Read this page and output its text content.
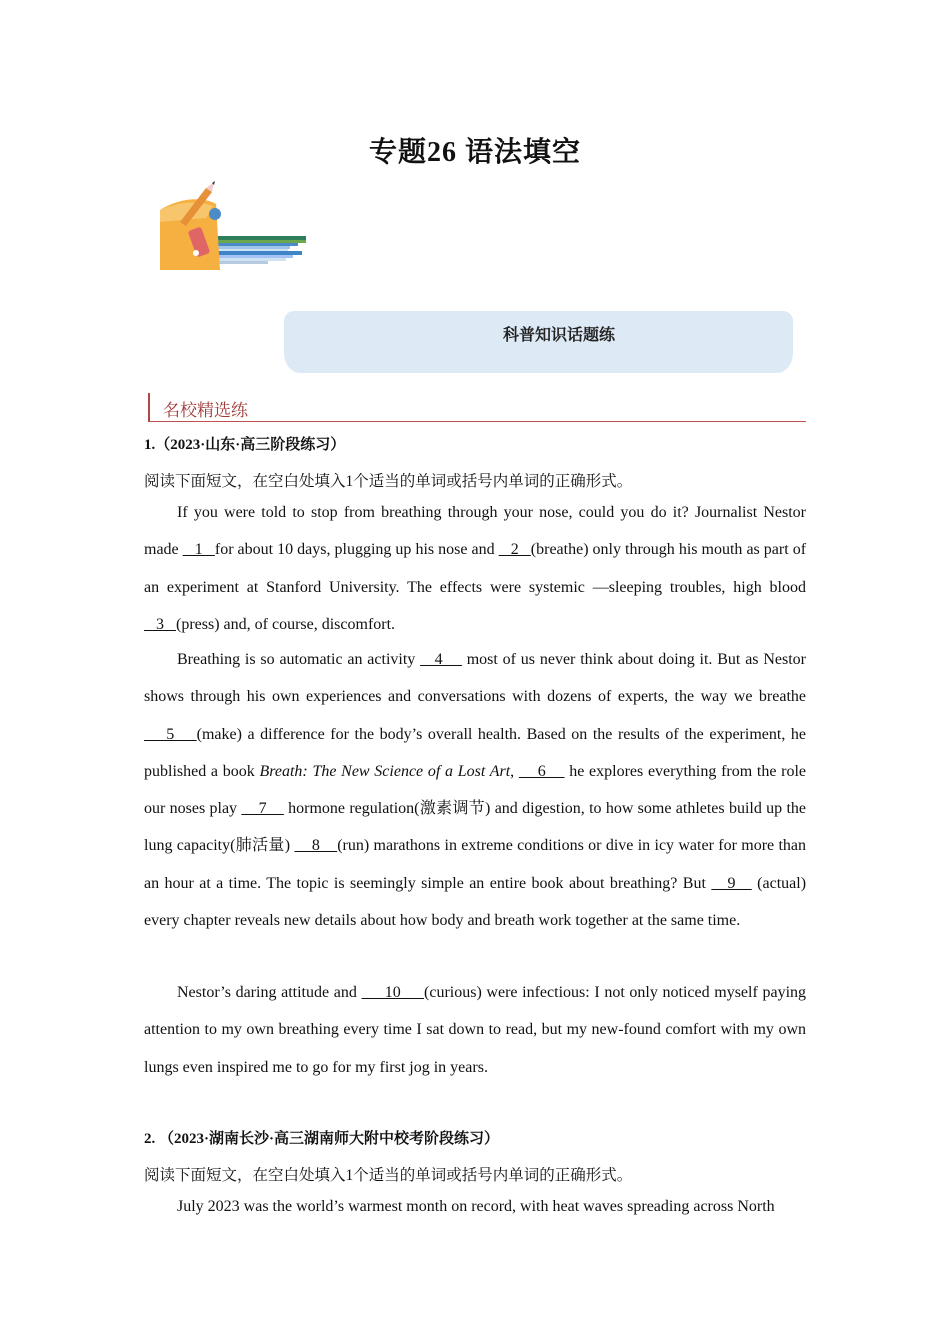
专题26 语法填空
科普知识话题练
名校精选练
1.（2023·山东·高三阶段练习）
阅读下面短文，在空白处填入1个适当的单词或括号内单词的正确形式。

If you were told to stop from breathing through your nose, could you do it? Journalist Nestor made    1   for about 10 days, plugging up his nose and    2   (breathe) only through his mouth as part of an experiment at Stanford University. The effects were systemic —sleeping troubles, high blood    3   (press) and, of course, discomfort.

Breathing is so automatic an activity    4     most of us never think about doing it. But as Nestor shows through his own experiences and conversations with dozens of experts, the way we breathe     5    (make) a difference for the body’s overall health. Based on the results of the experiment, he published a book Breath: The New Science of a Lost Art,     6     he explores everything from the role our noses play     7     hormone regulation(激素调节) and digestion, to how some athletes build up the lung capacity(肺活量)     8    (run) marathons in extreme conditions or dive in icy water for more than an hour at a time. The topic is seemingly simple an entire book about breathing? But    9    (actual) every chapter reveals new details about how body and breath work together at the same time.

Nestor’s daring attitude and      10     (curious) were infectious: I not only noticed myself paying attention to my own breathing every time I sat down to read, but my new-found comfort with my own lungs even inspired me to go for my first jog in years.

2. （2023·湖南长沙·高三湖南师大附中校考阶段练习）
阅读下面短文，在空白处填入1个适当的单词或括号内单词的正确形式。

July 2023 was the world’s warmest month on record, with heat waves spreading across North
